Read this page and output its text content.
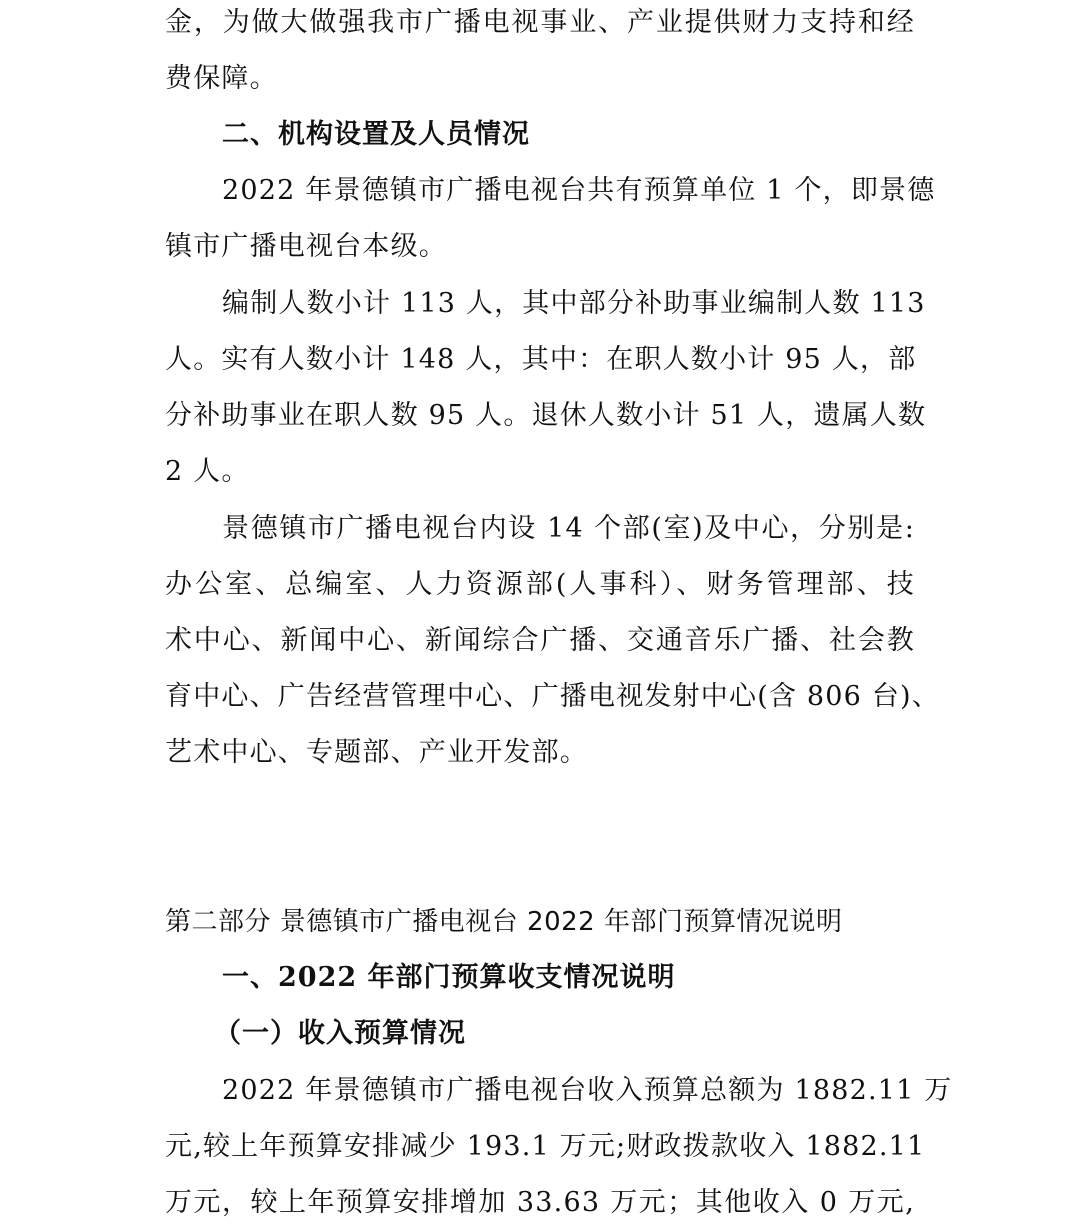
金，为做大做强我市广播电视事业、产业提供财力支持和经
费保障。
二、机构设置及人员情况
2022 年景德镇市广播电视台共有预算单位 1 个，即景德
镇市广播电视台本级。
编制人数小计 113 人，其中部分补助事业编制人数 113
人。实有人数小计 148 人，其中：在职人数小计 95 人，部
分补助事业在职人数 95 人。退休人数小计 51 人，遗属人数
2 人。
景德镇市广播电视台内设 14 个部(室)及中心，分别是:
办公室、总编室、人力资源部(人事科）、财务管理部、技
术中心、新闻中心、新闻综合广播、交通音乐广播、社会教
育中心、广告经营管理中心、广播电视发射中心(含 806 台)、
艺术中心、专题部、产业开发部。
第二部分 景德镇市广播电视台 2022 年部门预算情况说明
一、2022 年部门预算收支情况说明
（一）收入预算情况
2022 年景德镇市广播电视台收入预算总额为 1882.11 万
元,较上年预算安排减少 193.1 万元;财政拨款收入 1882.11
万元，较上年预算安排增加 33.63 万元；其他收入 0 万元,
